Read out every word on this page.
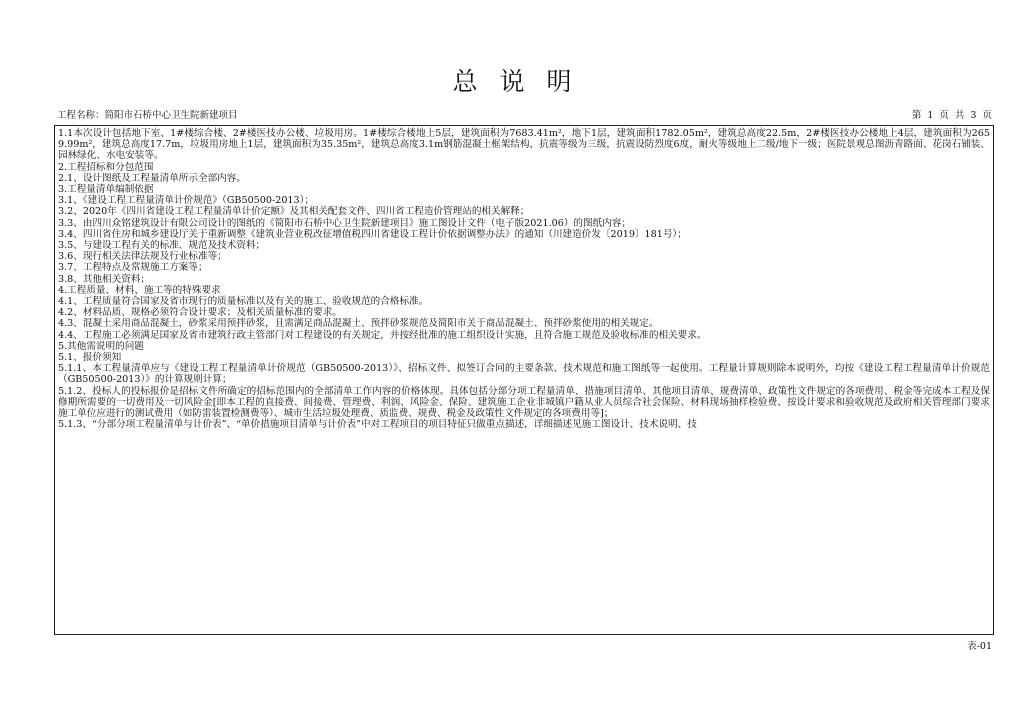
总说明
工程名称：简阳市石桥中心卫生院新建项目	第 1 页 共 3 页
1.1本次设计包括地下室、1#楼综合楼、2#楼医技办公楼、垃圾用房。1#楼综合楼地上5层，建筑面积为7683.41m²，地下1层，建筑面积1782.05m²，建筑总高度22.5m，2#楼医技办公楼地上4层，建筑面积为2659.99m²，建筑总高度17.7m，垃圾用房地上1层，建筑面积为35.35m²，建筑总高度3.1m钢筋混凝土框架结构，抗震等级为三级，抗震设防烈度6度，耐火等级地上二级/地下一级；医院景观总图沥青路面、花岗石铺装、园林绿化、水电安装等。
2.工程招标和分包范围
2.1、设计图纸及工程量清单所示全部内容。
3.工程量清单编制依据
3.1、《建设工程工程量清单计价规范》（GB50500-2013）；
3.2、2020年《四川省建设工程工程量清单计价定额》及其相关配套文件、四川省工程造价管理站的相关解释；
3.3、由四川众铭建筑设计有限公司设计的图纸的《简阳市石桥中心卫生院新建项目》施工图设计文件（电子版2021.06）的图纸内容；
3.4、四川省住房和城乡建设厅关于重新调整《建筑业营业税改征增值税四川省建设工程计价依据调整办法》的通知（川建造价发〔2019〕181号）；
3.5、与建设工程有关的标准、规范及技术资料；
3.6、现行相关法律法规及行业标准等；
3.7、工程特点及常规施工方案等；
3.8、其他相关资料；
4.工程质量、材料、施工等的特殊要求
4.1、工程质量符合国家及省市现行的质量标准以及有关的施工、验收规范的合格标准。
4.2、材料品质、规格必须符合设计要求；及相关质量标准的要求。
4.3、混凝土采用商品混凝土，砂浆采用预拌砂浆，且需满足商品混凝土、预拌砂浆规范及简阳市关于商品混凝土、预拌砂浆使用的相关规定。
4.4、工程施工必须满足国家及省市建筑行政主管部门对工程建设的有关规定，并按经批准的施工组织设计实施，且符合施工规范及验收标准的相关要求。
5.其他需说明的问题
5.1、报价须知
5.1.1、本工程量清单应与《建设工程工程量清单计价规范（GB50500-2013）》、招标文件、拟签订合同的主要条款、技术规范和施工图纸等一起使用。工程量计算规则除本说明外，均按《建设工程工程量清单计价规范（GB50500-2013）》的计算规则计算；
5.1.2、投标人的投标报价是招标文件所确定的招标范围内的全部清单工作内容的价格体现。具体包括分部分项工程量清单、措施项目清单、其他项目清单、规费清单、政策性文件规定的各项费用、税金等完成本工程及保修期所需要的一切费用及一切风险金[即本工程的直接费、间接费、管理费、利润、风险金、保险、建筑施工企业非城镇户籍从业人员综合社会保险、材料现场抽样检验费、按设计要求和验收规范及政府相关管理部门要求施工单位应进行的测试费用（如防雷装置检测费等）、城市生活垃圾处理费、质监费、规费、税金及政策性文件规定的各项费用等]；
5.1.3、“分部分项工程量清单与计价表”、“单价措施项目清单与计价表”中对工程项目的项目特征只做重点描述，详细描述见施工图设计、技术说明、技
表-01
